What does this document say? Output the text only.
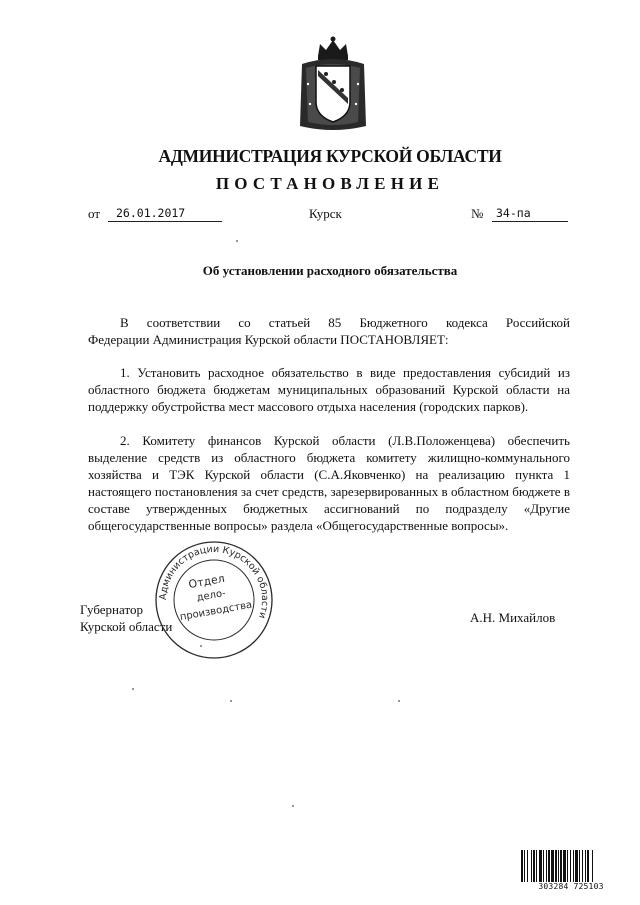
АДМИНИСТРАЦИЯ КУРСКОЙ ОБЛАСТИ
ПОСТАНОВЛЕНИЕ
от	26.01.2017	Курск	№	34-па
Об установлении расходного обязательства
В соответствии со статьей 85 Бюджетного кодекса Российской
Федерации Администрация Курской области ПОСТАНОВЛЯЕТ:
1. Установить расходное обязательство в виде предоставления субсидий из областного бюджета бюджетам муниципальных образований Курской области на поддержку обустройства мест массового отдыха населения (городских парков).
2. Комитету финансов Курской области (Л.В.Положенцева) обеспечить выделение средств из областного бюджета комитету жилищно-коммунального хозяйства и ТЭК Курской области (С.А.Яковченко) на реализацию пункта 1 настоящего постановления за счет средств, зарезервированных в областном бюджете в составе утвержденных бюджетных ассигнований по подразделу «Другие общегосударственные вопросы» раздела «Общегосударственные вопросы».
Губернатор
Курской области
А.Н. Михайлов
Администрации Курской области
Отдел
дело-
производства
303284 725103
